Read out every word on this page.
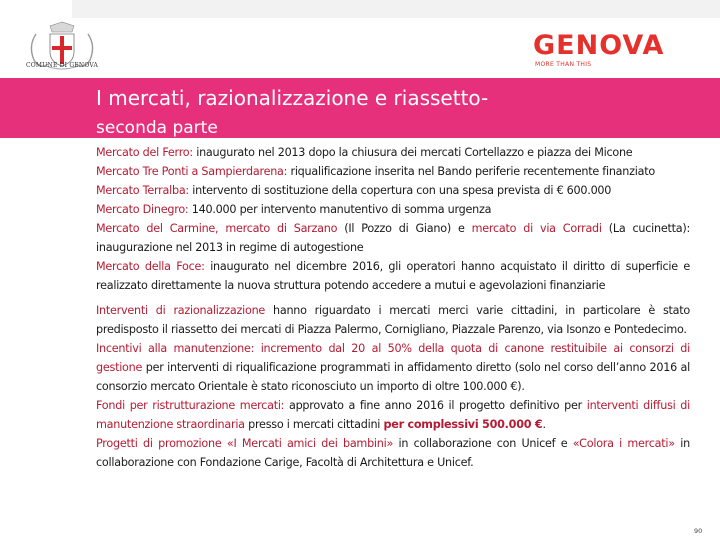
COMUNE DI GENOVA
GENOVA
MORE THAN THIS
I mercati, razionalizzazione e riassetto-
seconda parte

Mercato del Ferro: inaugurato nel 2013 dopo la chiusura dei mercati Cortellazzo e piazza dei Micone

Mercato Tre Ponti a Sampierdarena: riqualificazione inserita nel Bando periferie recentemente finanziato

Mercato Terralba: intervento di sostituzione della copertura con una spesa prevista di € 600.000

Mercato Dinegro: 140.000 per intervento manutentivo di somma urgenza

Mercato del Carmine, mercato di Sarzano (Il Pozzo di Giano) e mercato di via Corradi (La cucinetta): inaugurazione nel 2013 in regime di autogestione

Mercato della Foce: inaugurato nel dicembre 2016, gli operatori hanno acquistato il diritto di superficie e realizzato direttamente la nuova struttura potendo accedere a mutui e agevolazioni finanziarie

Interventi di razionalizzazione hanno riguardato i mercati merci varie cittadini, in particolare è stato predisposto il riassetto dei mercati di Piazza Palermo, Cornigliano, Piazzale Parenzo, via Isonzo e Pontedecimo.

Incentivi alla manutenzione: incremento dal 20 al 50% della quota di canone restituibile ai consorzi di gestione per interventi di riqualificazione programmati in affidamento diretto (solo nel corso dell’anno 2016 al consorzio mercato Orientale è stato riconosciuto un importo di oltre 100.000 €).

Fondi per ristrutturazione mercati: approvato a fine anno 2016 il progetto definitivo per interventi diffusi di manutenzione straordinaria presso i mercati cittadini per complessivi 500.000 €.

Progetti di promozione «I Mercati amici dei bambini» in collaborazione con Unicef e «Colora i mercati» in collaborazione con Fondazione Carige, Facoltà di Architettura e Unicef.

90
